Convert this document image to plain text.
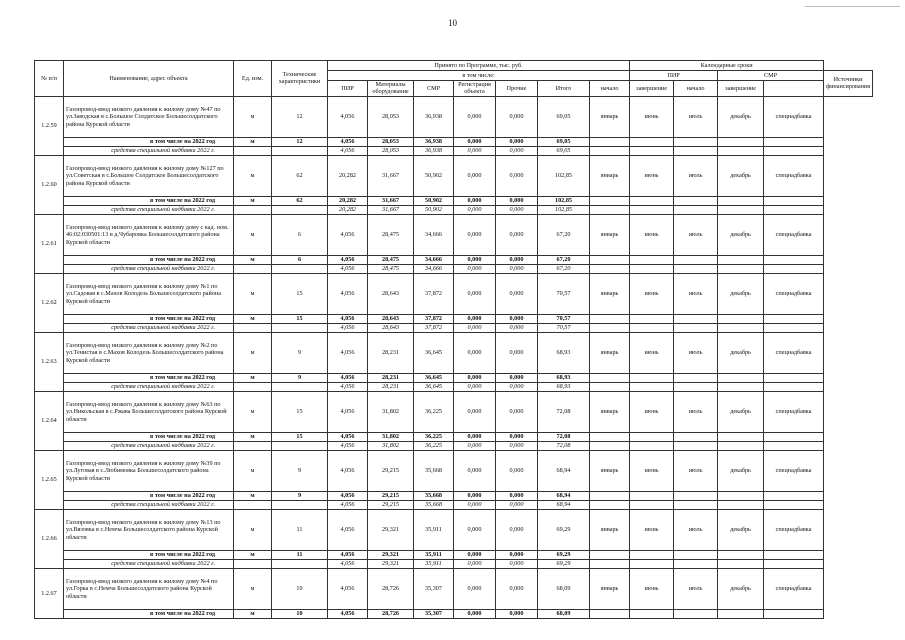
10
№ п/п	Наименование, адрес объекта	Ед. изм.	Технические характеристики	Принято по Программе, тыс. руб.							Календарные сроки				
				в том числе:							ПИР		СМР		Источники финансирования
				ПИР	Материалы оборудование	СМР	Регистрация объекта	Прочие	Итого	начало	завершение	начало	завершение		
1.2.59	Газопровод-ввод низкого давления к жилому дому №47 по ул.Заводская в с.Большое Солдатское Большесолдатского района Курской области	м	12	4,056	28,053	36,938	0,000	0,000	69,05	январь	июнь	июль	декабрь	спецнадбавка	
	в том числе на 2022 год	м	12	4,056	28,053	36,938	0,000	0,000	69,05						
	средства специальной надбавки 2022 г.			4,056	28,053	36,938	0,000	0,000	69,05						
1.2.60	Газопровод-ввод низкого давления к жилому дому №127 по ул.Советская в с.Большое Солдатское Большесолдатского района Курской области	м	62	20,282	31,667	50,902	0,000	0,000	102,85	январь	июнь	июль	декабрь	спецнадбавка	
	в том числе на 2022 год	м	62	20,282	31,667	50,902	0,000	0,000	102,85						
	средства специальной надбавки 2022 г.			20,282	31,667	50,902	0,000	0,000	102,85						
1.2.61	Газопровод-ввод низкого давления к жилому дому с кад. ном. 46:02:030501:13 в д.Чубаровка Большесолдатского района Курской области	м	6	4,056	28,475	34,666	0,000	0,000	67,20	январь	июнь	июль	декабрь	спецнадбавка	
	в том числе на 2022 год	м	6	4,056	28,475	34,666	0,000	0,000	67,20						
	средства специальной надбавки 2022 г.			4,056	28,475	34,666	0,000	0,000	67,20						
1.2.62	Газопровод-ввод низкого давления к жилому дому №1 по ул.Садовая в с.Махов Колодезь Большесолдатского района Курской области	м	15	4,056	28,643	37,872	0,000	0,000	70,57	январь	июнь	июль	декабрь	спецнадбавка	
	в том числе на 2022 год	м	15	4,056	28,643	37,872	0,000	0,000	70,57						
	средства специальной надбавки 2022 г.			4,056	28,643	37,872	0,000	0,000	70,57						
1.2.63	Газопровод-ввод низкого давления к жилому дому №2 по ул.Тенистая в с.Махов Колодезь Большесолдатского района Курской области	м	9	4,056	28,231	36,645	0,000	0,000	68,93	январь	июнь	июль	декабрь	спецнадбавка	
	в том числе на 2022 год	м	9	4,056	28,231	36,645	0,000	0,000	68,93						
	средства специальной надбавки 2022 г.			4,056	28,231	36,645	0,000	0,000	68,93						
1.2.64	Газопровод-ввод низкого давления к жилому дому №63 по ул.Никольская в с.Ржава Большесолдатского района Курской области	м	15	4,056	31,802	36,225	0,000	0,000	72,08	январь	июнь	июль	декабрь	спецнадбавка	
	в том числе на 2022 год	м	15	4,056	31,802	36,225	0,000	0,000	72,08						
	средства специальной надбавки 2022 г.			4,056	31,802	36,225	0,000	0,000	72,08						
1.2.65	Газопровод-ввод низкого давления к жилому дому №39 по ул.Луговая в с.Любимовка Большесолдатского района Курской области	м	9	4,056	29,215	35,668	0,000	0,000	68,94	январь	июнь	июль	декабрь	спецнадбавка	
	в том числе на 2022 год	м	9	4,056	29,215	35,668	0,000	0,000	68,94						
	средства специальной надбавки 2022 г.			4,056	29,215	35,668	0,000	0,000	68,94						
1.2.66	Газопровод-ввод низкого давления к жилому дому №13 по ул.Вязовка в с.Немча Большесолдатского района Курской области	м	11	4,056	29,321	35,911	0,000	0,000	69,29	январь	июнь	июль	декабрь	спецнадбавка	
	в том числе на 2022 год	м	11	4,056	29,321	35,911	0,000	0,000	69,29						
	средства специальной надбавки 2022 г.			4,056	29,321	35,911	0,000	0,000	69,29						
1.2.67	Газопровод-ввод низкого давления к жилому дому №4 по ул.Горка в с.Немча Большесолдатского района Курской области	м	10	4,056	28,726	35,307	0,000	0,000	68,09	январь	июнь	июль	декабрь	спецнадбавка	
	в том числе на 2022 год	м	10	4,056	28,726	35,307	0,000	0,000	68,09						
